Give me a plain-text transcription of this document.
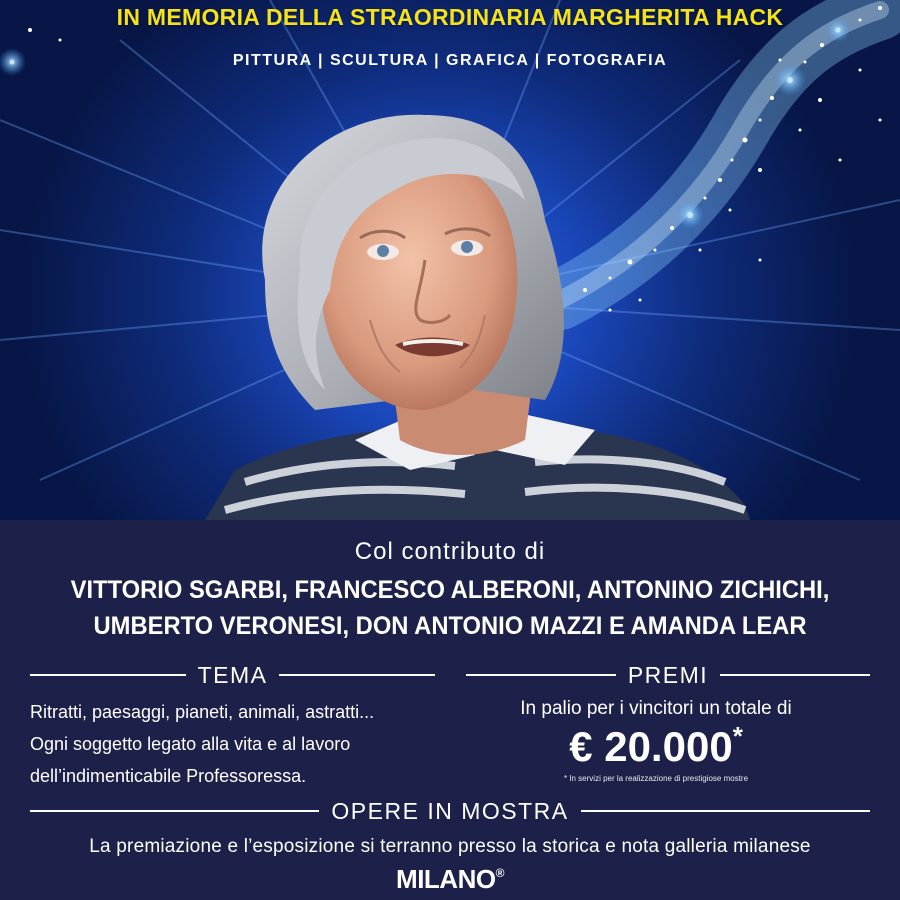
IN MEMORIA DELLA STRAORDINARIA MARGHERITA HACK
PITTURA | SCULTURA | GRAFICA | FOTOGRAFIA
Col contributo di
VITTORIO SGARBI, FRANCESCO ALBERONI, ANTONINO ZICHICHI,
UMBERTO VERONESI, DON ANTONIO MAZZI E AMANDA LEAR
TEMA
Ritratti, paesaggi, pianeti, animali, astratti...
Ogni soggetto legato alla vita e al lavoro
dell’indimenticabile Professoressa.
PREMI
In palio per i vincitori un totale di
€ 20.000*
* In servizi per la realizzazione di prestigiose mostre
OPERE IN MOSTRA
La premiazione e l’esposizione si terranno presso la storica e nota galleria milanese
MILANO®
